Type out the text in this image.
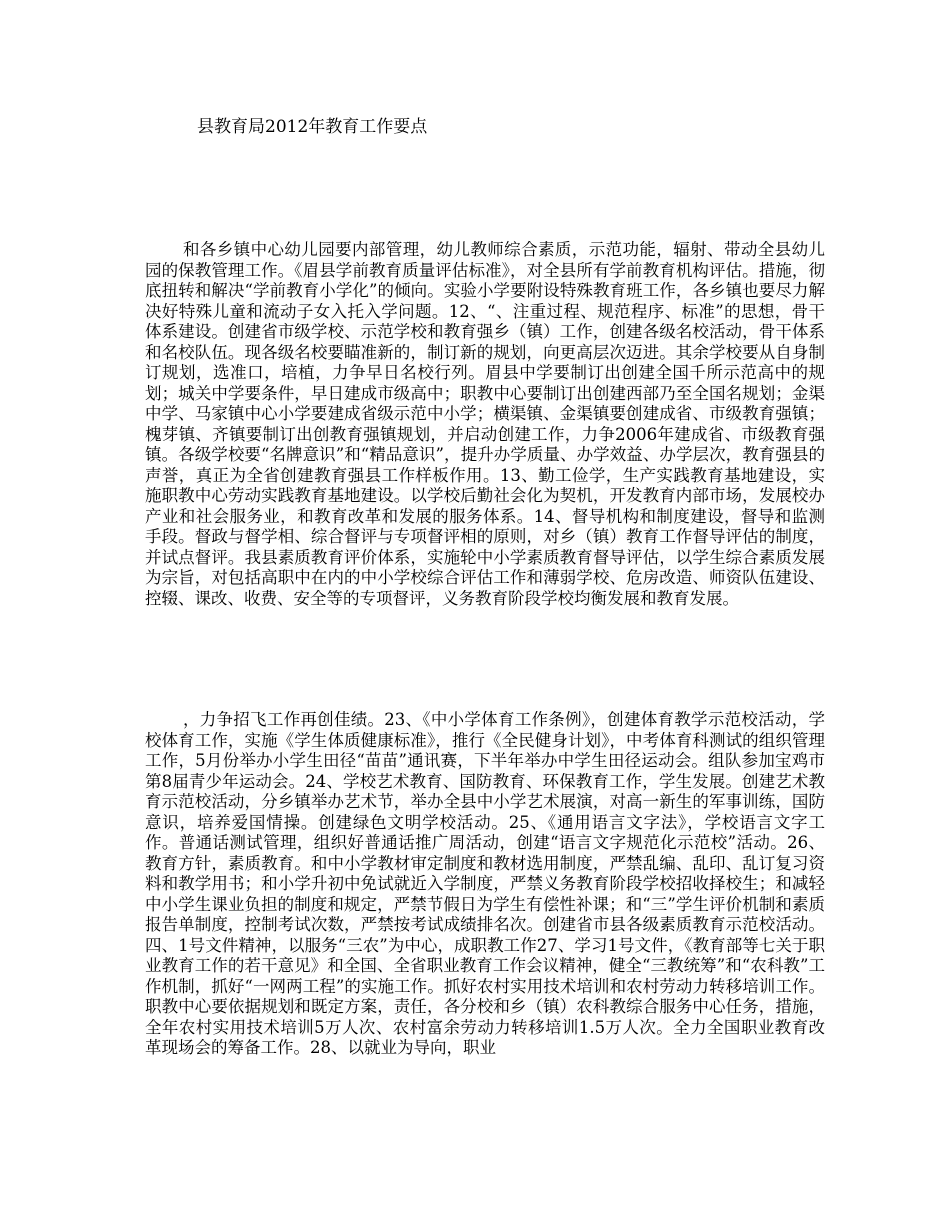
县教育局2012年教育工作要点

和各乡镇中心幼儿园要内部管理，幼儿教师综合素质，示范功能，辐射、带动全县幼儿园的保教管理工作。《眉县学前教育质量评估标准》，对全县所有学前教育机构评估。措施，彻底扭转和解决“学前教育小学化”的倾向。实验小学要附设特殊教育班工作，各乡镇也要尽力解决好特殊儿童和流动子女入托入学问题。12、“、注重过程、规范程序、标准”的思想，骨干体系建设。创建省市级学校、示范学校和教育强乡（镇）工作，创建各级名校活动，骨干体系和名校队伍。现各级名校要瞄准新的，制订新的规划，向更高层次迈进。其余学校要从自身制订规划，选准口，培植，力争早日名校行列。眉县中学要制订出创建全国千所示范高中的规划；城关中学要条件，早日建成市级高中；职教中心要制订出创建西部乃至全国名规划；金渠中学、马家镇中心小学要建成省级示范中小学；横渠镇、金渠镇要创建成省、市级教育强镇；槐芽镇、齐镇要制订出创教育强镇规划，并启动创建工作，力争2006年建成省、市级教育强镇。各级学校要“名牌意识”和“精品意识”，提升办学质量、办学效益、办学层次，教育强县的声誉，真正为全省创建教育强县工作样板作用。13、勤工俭学，生产实践教育基地建设，实施职教中心劳动实践教育基地建设。以学校后勤社会化为契机，开发教育内部市场，发展校办产业和社会服务业，和教育改革和发展的服务体系。14、督导机构和制度建设，督导和监测手段。督政与督学相、综合督评与专项督评相的原则，对乡（镇）教育工作督导评估的制度，并试点督评。我县素质教育评价体系，实施轮中小学素质教育督导评估，以学生综合素质发展为宗旨，对包括高职中在内的中小学校综合评估工作和薄弱学校、危房改造、师资队伍建设、控辍、课改、收费、安全等的专项督评，义务教育阶段学校均衡发展和教育发展。

，力争招飞工作再创佳绩。23、《中小学体育工作条例》，创建体育教学示范校活动，学校体育工作，实施《学生体质健康标准》，推行《全民健身计划》，中考体育科测试的组织管理工作，5月份举办小学生田径“苗苗”通讯赛，下半年举办中学生田径运动会。组队参加宝鸡市第8届青少年运动会。24、学校艺术教育、国防教育、环保教育工作，学生发展。创建艺术教育示范校活动，分乡镇举办艺术节，举办全县中小学艺术展演，对高一新生的军事训练，国防意识，培养爱国情操。创建绿色文明学校活动。25、《通用语言文字法》，学校语言文字工作。普通话测试管理，组织好普通话推广周活动，创建“语言文字规范化示范校”活动。26、教育方针，素质教育。和中小学教材审定制度和教材选用制度，严禁乱编、乱印、乱订复习资料和教学用书；和小学升初中免试就近入学制度，严禁义务教育阶段学校招收择校生；和减轻中小学生课业负担的制度和规定，严禁节假日为学生有偿性补课；和“三”学生评价机制和素质报告单制度，控制考试次数，严禁按考试成绩排名次。创建省市县各级素质教育示范校活动。四、1号文件精神，以服务“三农”为中心，成职教工作27、学习1号文件，《教育部等七关于职业教育工作的若干意见》和全国、全省职业教育工作会议精神，健全“三教统筹”和“农科教”工作机制，抓好“一网两工程”的实施工作。抓好农村实用技术培训和农村劳动力转移培训工作。职教中心要依据规划和既定方案，责任，各分校和乡（镇）农科教综合服务中心任务，措施，全年农村实用技术培训5万人次、农村富余劳动力转移培训1.5万人次。全力全国职业教育改革现场会的筹备工作。28、以就业为导向，职业
